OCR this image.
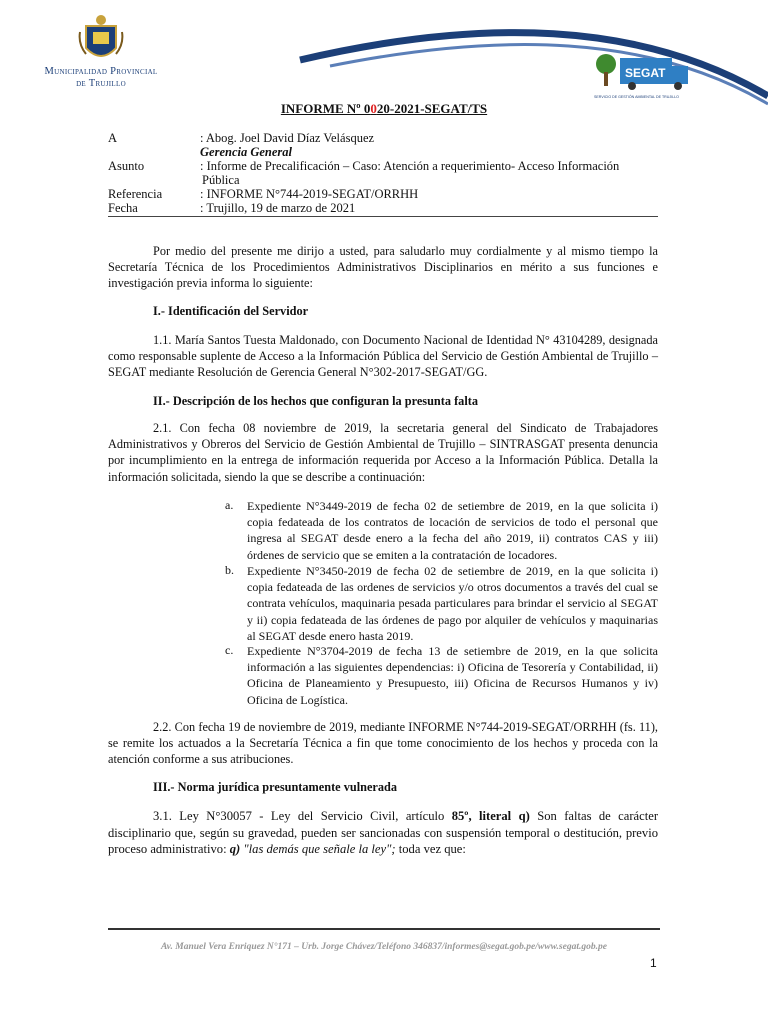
Municipalidad Provincial
de Trujillo
SEGAT
SERVICIO DE GESTIÓN AMBIENTAL DE TRUJILLO
INFORME Nº 0020-2021-SEGAT/TS
A	: Abog. Joel David Díaz Velásquez
Gerencia General
Asunto	: Informe de Precalificación – Caso: Atención a requerimiento- Acceso Información
Pública
Referencia	: INFORME N°744-2019-SEGAT/ORRHH
Fecha	: Trujillo, 19 de marzo de 2021
Por medio del presente me dirijo a usted, para saludarlo muy cordialmente y al mismo tiempo la Secretaría Técnica de los Procedimientos Administrativos Disciplinarios en mérito a sus funciones e investigación previa informa lo siguiente:
I.- Identificación del Servidor
1.1. María Santos Tuesta Maldonado, con Documento Nacional de Identidad N° 43104289, designada como responsable suplente de Acceso a la Información Pública del Servicio de Gestión Ambiental de Trujillo – SEGAT mediante Resolución de Gerencia General N°302-2017-SEGAT/GG.
II.- Descripción de los hechos que configuran la presunta falta
2.1. Con fecha 08 noviembre de 2019, la secretaria general del Sindicato de Trabajadores Administrativos y Obreros del Servicio de Gestión Ambiental de Trujillo – SINTRASGAT presenta denuncia por incumplimiento en la entrega de información requerida por Acceso a la Información Pública. Detalla la información solicitada, siendo la que se describe a continuación:
a. Expediente N°3449-2019 de fecha 02 de setiembre de 2019, en la que solicita i) copia fedateada de los contratos de locación de servicios de todo el personal que ingresa al SEGAT desde enero a la fecha del año 2019, ii) contratos CAS y iii) órdenes de servicio que se emiten a la contratación de locadores.
b. Expediente N°3450-2019 de fecha 02 de setiembre de 2019, en la que solicita i) copia fedateada de las ordenes de servicios y/o otros documentos a través del cual se contrata vehículos, maquinaria pesada particulares para brindar el servicio al SEGAT y ii) copia fedateada de las órdenes de pago por alquiler de vehículos y maquinarias al SEGAT desde enero hasta 2019.
c. Expediente N°3704-2019 de fecha 13 de setiembre de 2019, en la que solicita información a las siguientes dependencias: i) Oficina de Tesorería y Contabilidad, ii) Oficina de Planeamiento y Presupuesto, iii) Oficina de Recursos Humanos y iv) Oficina de Logística.
2.2. Con fecha 19 de noviembre de 2019, mediante INFORME N°744-2019-SEGAT/ORRHH (fs. 11), se remite los actuados a la Secretaría Técnica a fin que tome conocimiento de los hechos y proceda con la atención conforme a sus atribuciones.
III.- Norma jurídica presuntamente vulnerada
3.1. Ley N°30057 - Ley del Servicio Civil, artículo 85º, literal q) Son faltas de carácter disciplinario que, según su gravedad, pueden ser sancionadas con suspensión temporal o destitución, previo proceso administrativo: q) "las demás que señale la ley"; toda vez que:
Av. Manuel Vera Enriquez N°171 – Urb. Jorge Chávez/Teléfono 346837/informes@segat.gob.pe/www.segat.gob.pe
1
